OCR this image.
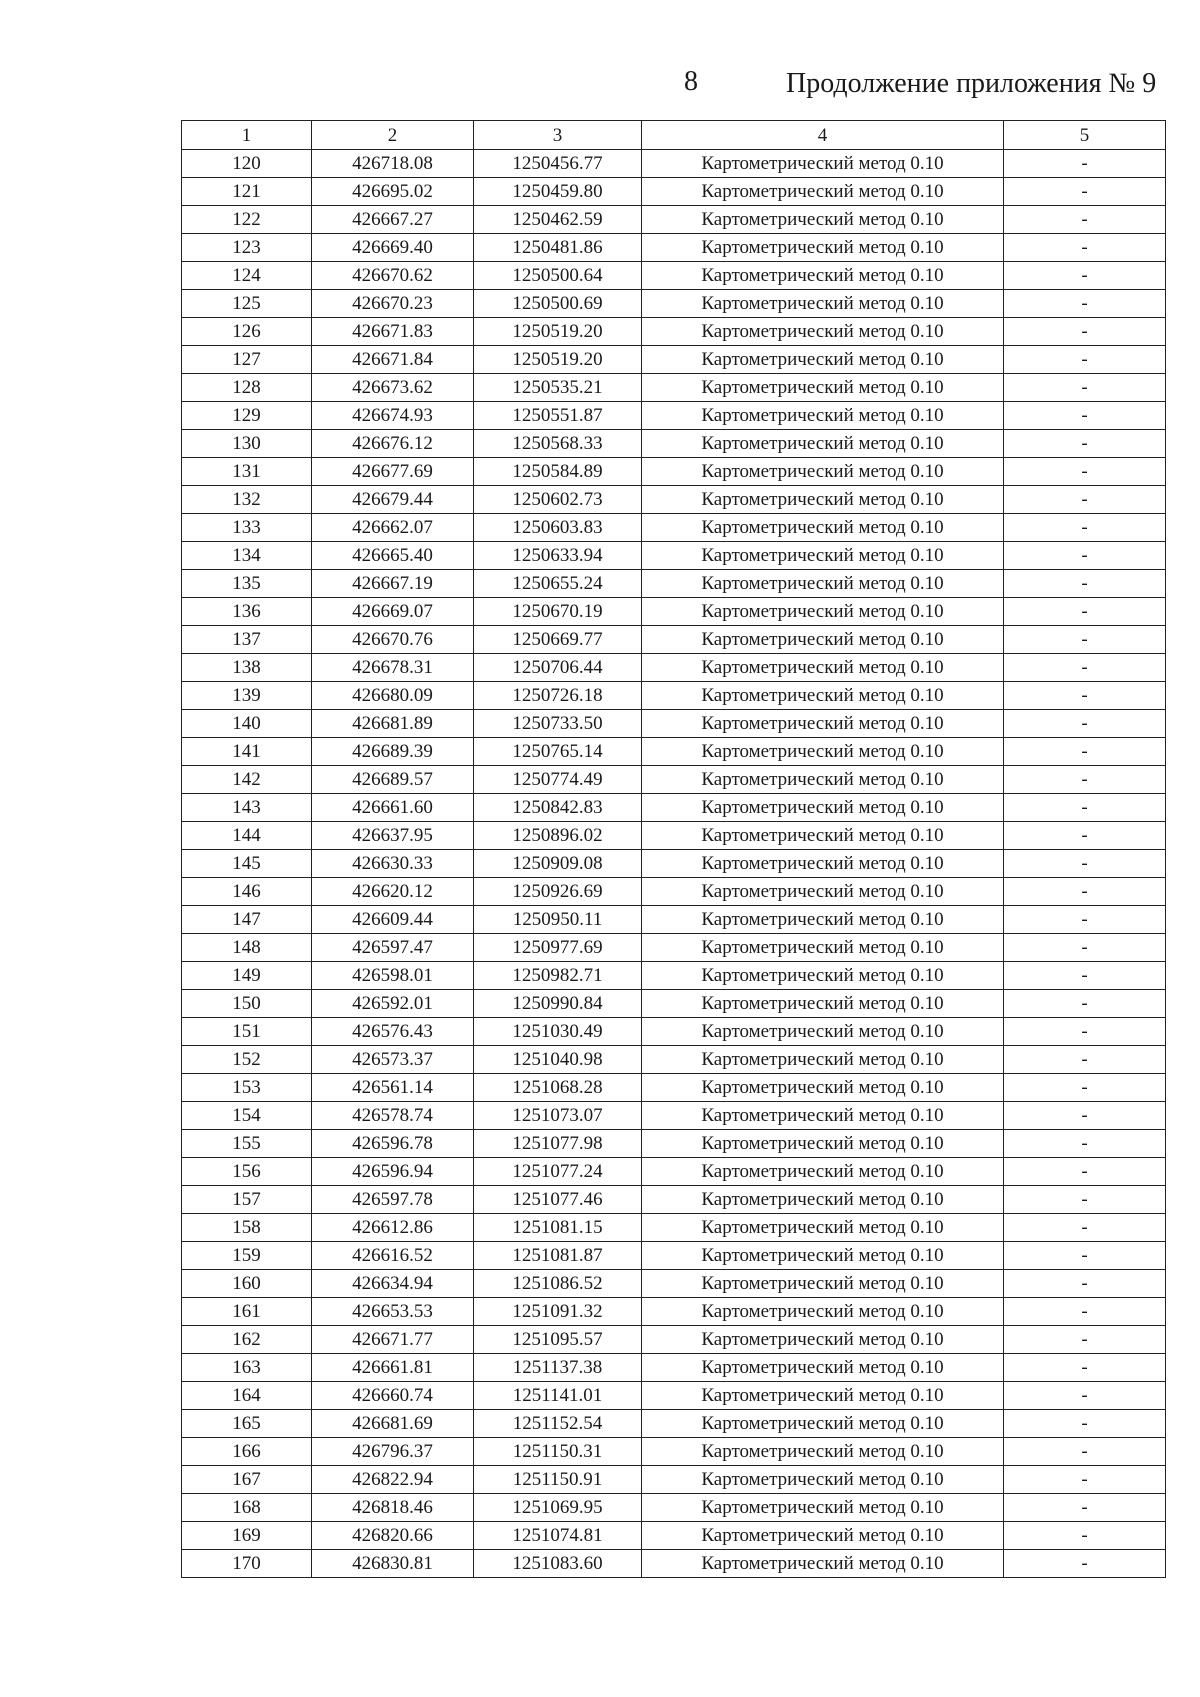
8	Продолжение приложения № 9
1	2	3	4	5
120	426718.08	1250456.77	Картометрический метод 0.10	-
121	426695.02	1250459.80	Картометрический метод 0.10	-
122	426667.27	1250462.59	Картометрический метод 0.10	-
123	426669.40	1250481.86	Картометрический метод 0.10	-
124	426670.62	1250500.64	Картометрический метод 0.10	-
125	426670.23	1250500.69	Картометрический метод 0.10	-
126	426671.83	1250519.20	Картометрический метод 0.10	-
127	426671.84	1250519.20	Картометрический метод 0.10	-
128	426673.62	1250535.21	Картометрический метод 0.10	-
129	426674.93	1250551.87	Картометрический метод 0.10	-
130	426676.12	1250568.33	Картометрический метод 0.10	-
131	426677.69	1250584.89	Картометрический метод 0.10	-
132	426679.44	1250602.73	Картометрический метод 0.10	-
133	426662.07	1250603.83	Картометрический метод 0.10	-
134	426665.40	1250633.94	Картометрический метод 0.10	-
135	426667.19	1250655.24	Картометрический метод 0.10	-
136	426669.07	1250670.19	Картометрический метод 0.10	-
137	426670.76	1250669.77	Картометрический метод 0.10	-
138	426678.31	1250706.44	Картометрический метод 0.10	-
139	426680.09	1250726.18	Картометрический метод 0.10	-
140	426681.89	1250733.50	Картометрический метод 0.10	-
141	426689.39	1250765.14	Картометрический метод 0.10	-
142	426689.57	1250774.49	Картометрический метод 0.10	-
143	426661.60	1250842.83	Картометрический метод 0.10	-
144	426637.95	1250896.02	Картометрический метод 0.10	-
145	426630.33	1250909.08	Картометрический метод 0.10	-
146	426620.12	1250926.69	Картометрический метод 0.10	-
147	426609.44	1250950.11	Картометрический метод 0.10	-
148	426597.47	1250977.69	Картометрический метод 0.10	-
149	426598.01	1250982.71	Картометрический метод 0.10	-
150	426592.01	1250990.84	Картометрический метод 0.10	-
151	426576.43	1251030.49	Картометрический метод 0.10	-
152	426573.37	1251040.98	Картометрический метод 0.10	-
153	426561.14	1251068.28	Картометрический метод 0.10	-
154	426578.74	1251073.07	Картометрический метод 0.10	-
155	426596.78	1251077.98	Картометрический метод 0.10	-
156	426596.94	1251077.24	Картометрический метод 0.10	-
157	426597.78	1251077.46	Картометрический метод 0.10	-
158	426612.86	1251081.15	Картометрический метод 0.10	-
159	426616.52	1251081.87	Картометрический метод 0.10	-
160	426634.94	1251086.52	Картометрический метод 0.10	-
161	426653.53	1251091.32	Картометрический метод 0.10	-
162	426671.77	1251095.57	Картометрический метод 0.10	-
163	426661.81	1251137.38	Картометрический метод 0.10	-
164	426660.74	1251141.01	Картометрический метод 0.10	-
165	426681.69	1251152.54	Картометрический метод 0.10	-
166	426796.37	1251150.31	Картометрический метод 0.10	-
167	426822.94	1251150.91	Картометрический метод 0.10	-
168	426818.46	1251069.95	Картометрический метод 0.10	-
169	426820.66	1251074.81	Картометрический метод 0.10	-
170	426830.81	1251083.60	Картометрический метод 0.10	-
